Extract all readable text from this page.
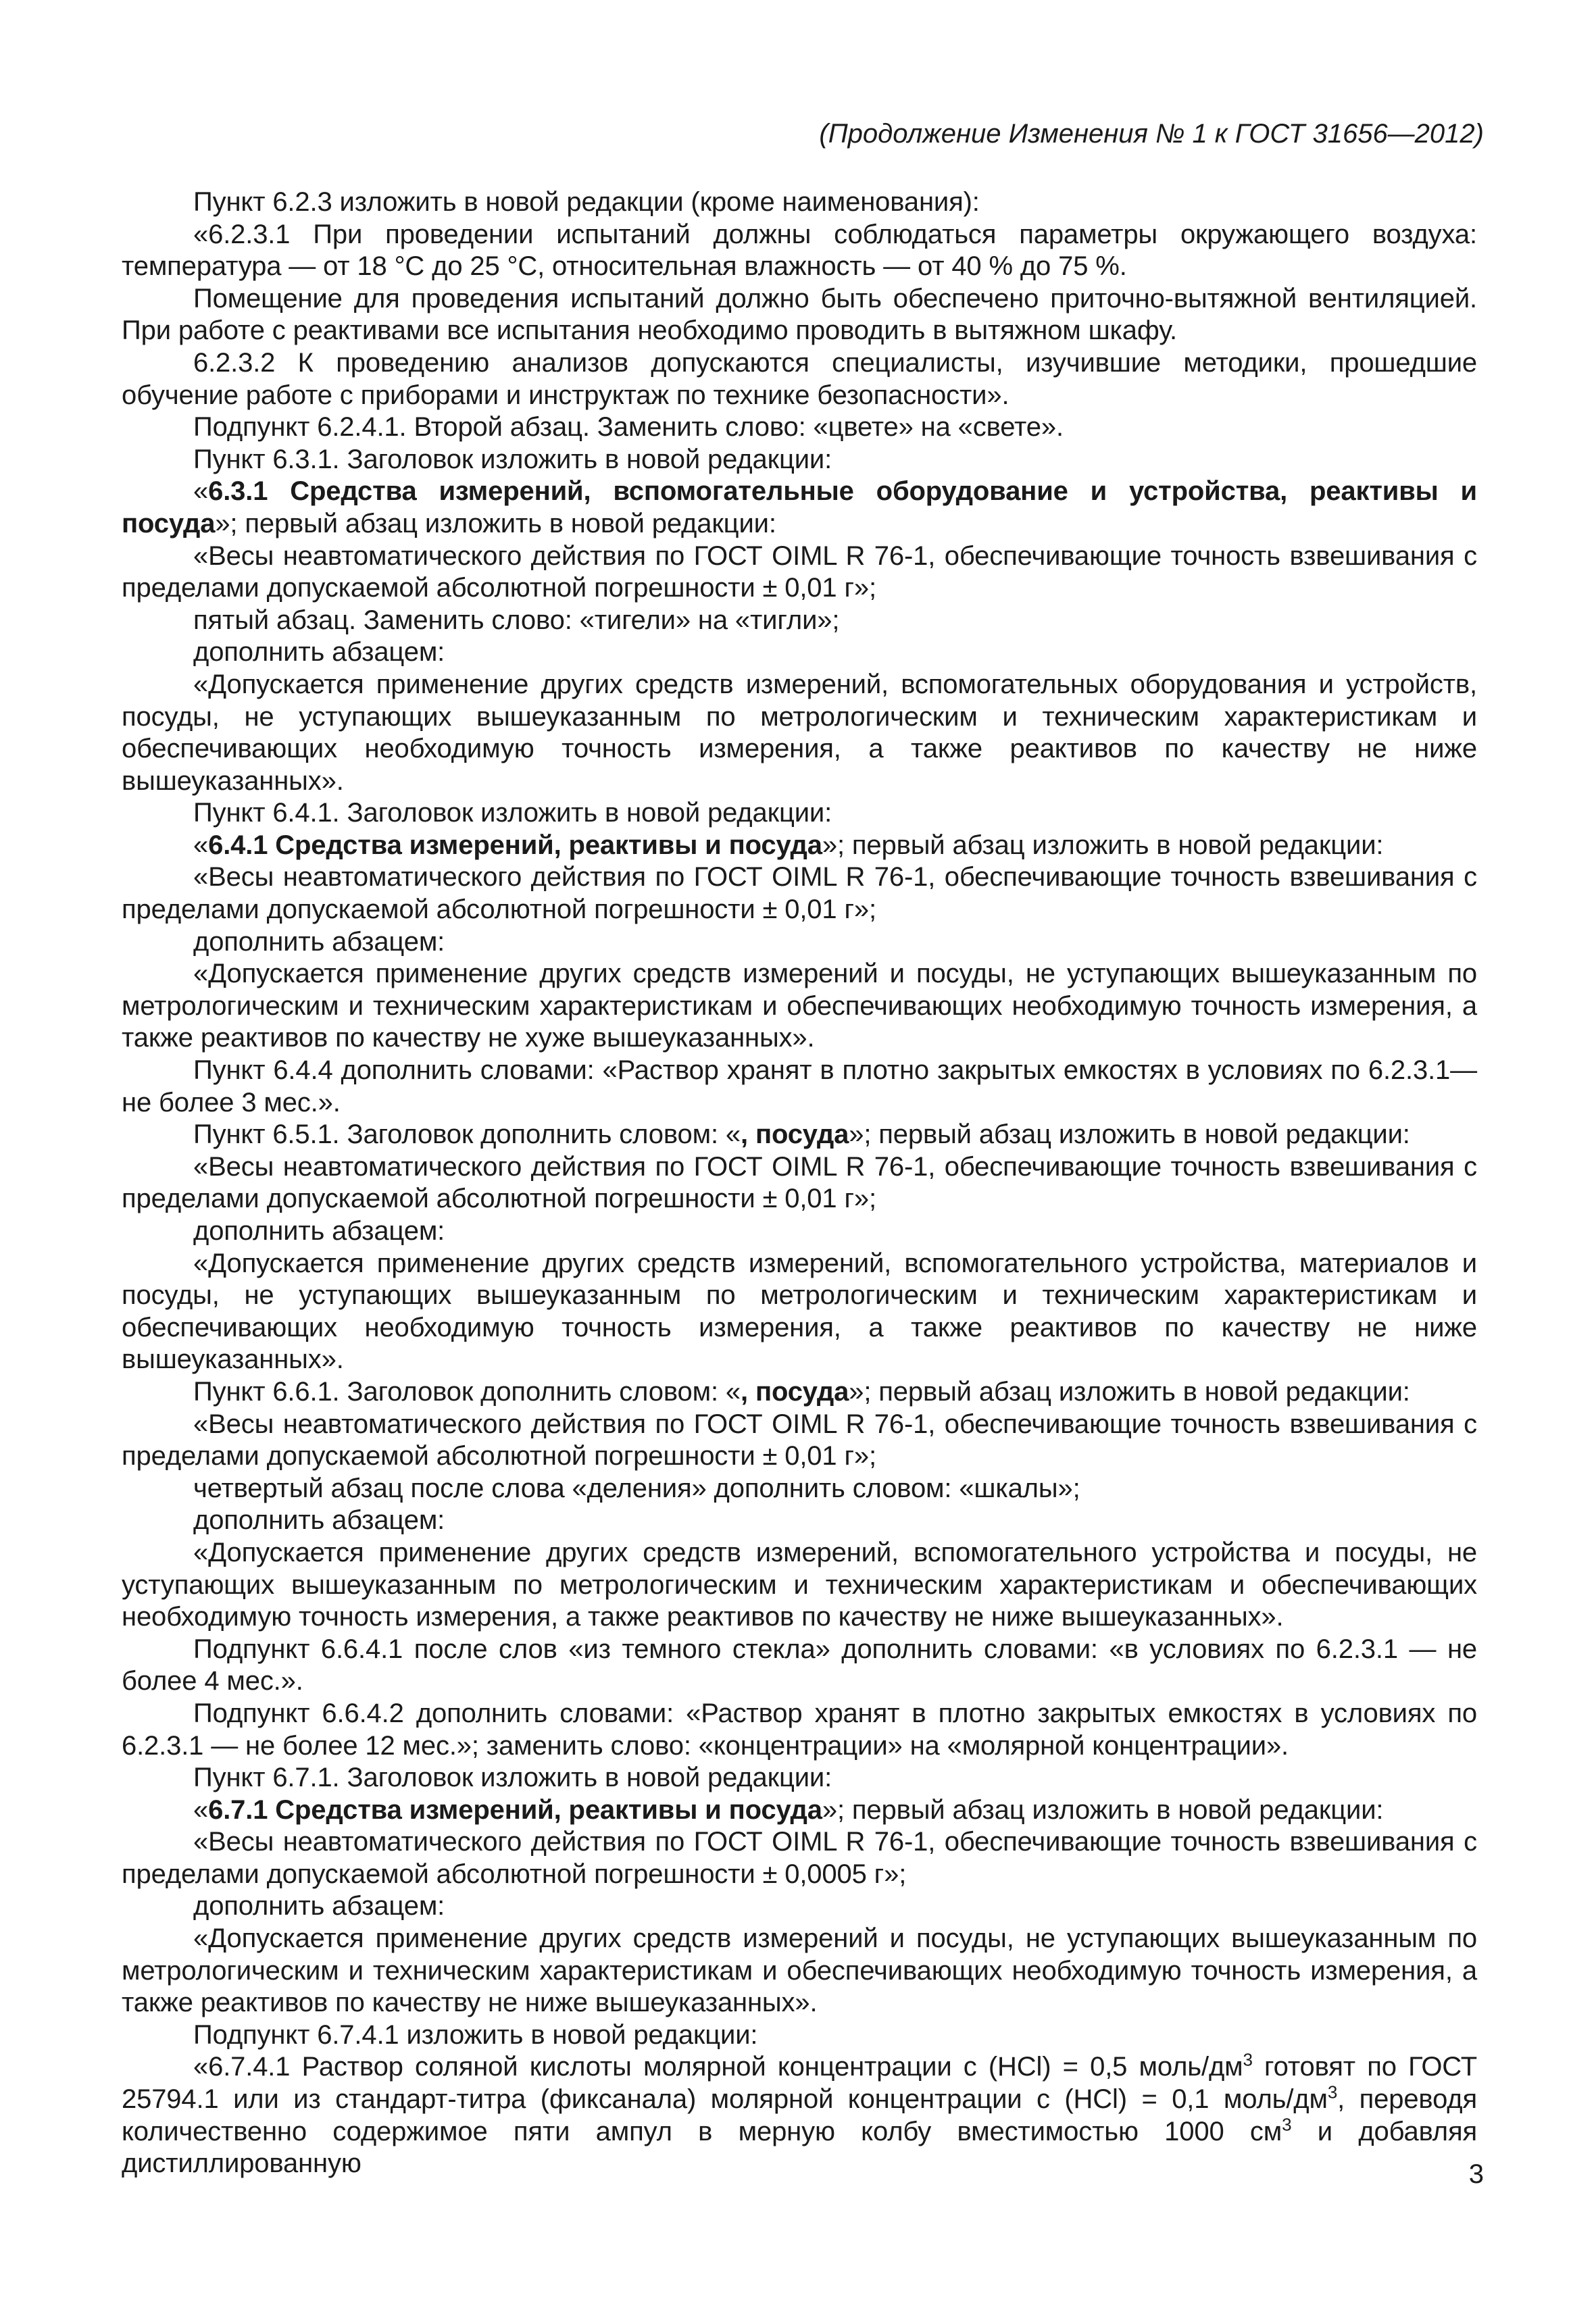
(Продолжение Изменения № 1 к ГОСТ 31656—2012)

Пункт 6.2.3 изложить в новой редакции (кроме наименования):

«6.2.3.1 При проведении испытаний должны соблюдаться параметры окружающего воздуха: температура — от 18 °С до 25 °С, относительная влажность — от 40 % до 75 %.

Помещение для проведения испытаний должно быть обеспечено приточно-вытяжной вентиляцией. При работе с реактивами все испытания необходимо проводить в вытяжном шкафу.

6.2.3.2 К проведению анализов допускаются специалисты, изучившие методики, прошедшие обучение работе с приборами и инструктаж по технике безопасности».

Подпункт 6.2.4.1. Второй абзац. Заменить слово: «цвете» на «свете».

Пункт 6.3.1. Заголовок изложить в новой редакции:

«6.3.1 Средства измерений, вспомогательные оборудование и устройства, реактивы и посуда»; первый абзац изложить в новой редакции:

«Весы неавтоматического действия по ГОСТ OIML R 76-1, обеспечивающие точность взвешивания с пределами допускаемой абсолютной погрешности ± 0,01 г»;

пятый абзац. Заменить слово: «тигели» на «тигли»;

дополнить абзацем:

«Допускается применение других средств измерений, вспомогательных оборудования и устройств, посуды, не уступающих вышеуказанным по метрологическим и техническим характеристикам и обеспечивающих необходимую точность измерения, а также реактивов по качеству не ниже вышеуказанных».

Пункт 6.4.1. Заголовок изложить в новой редакции:

«6.4.1 Средства измерений, реактивы и посуда»; первый абзац изложить в новой редакции:

«Весы неавтоматического действия по ГОСТ OIML R 76-1, обеспечивающие точность взвешивания с пределами допускаемой абсолютной погрешности ± 0,01 г»;

дополнить абзацем:

«Допускается применение других средств измерений и посуды, не уступающих вышеуказанным по метрологическим и техническим характеристикам и обеспечивающих необходимую точность измерения, а также реактивов по качеству не хуже вышеуказанных».

Пункт 6.4.4 дополнить словами: «Раствор хранят в плотно закрытых емкостях в условиях по 6.2.3.1— не более 3 мес.».

Пункт 6.5.1. Заголовок дополнить словом: «, посуда»; первый абзац изложить в новой редакции:

«Весы неавтоматического действия по ГОСТ OIML R 76-1, обеспечивающие точность взвешивания с пределами допускаемой абсолютной погрешности ± 0,01 г»;

дополнить абзацем:

«Допускается применение других средств измерений, вспомогательного устройства, материалов и посуды, не уступающих вышеуказанным по метрологическим и техническим характеристикам и обеспечивающих необходимую точность измерения, а также реактивов по качеству не ниже вышеуказанных».

Пункт 6.6.1. Заголовок дополнить словом: «, посуда»; первый абзац изложить в новой редакции:

«Весы неавтоматического действия по ГОСТ OIML R 76-1, обеспечивающие точность взвешивания с пределами допускаемой абсолютной погрешности ± 0,01 г»;

четвертый абзац после слова «деления» дополнить словом: «шкалы»;

дополнить абзацем:

«Допускается применение других средств измерений, вспомогательного устройства и посуды, не уступающих вышеуказанным по метрологическим и техническим характеристикам и обеспечивающих необходимую точность измерения, а также реактивов по качеству не ниже вышеуказанных».

Подпункт 6.6.4.1 после слов «из темного стекла» дополнить словами: «в условиях по 6.2.3.1 — не более 4 мес.».

Подпункт 6.6.4.2 дополнить словами: «Раствор хранят в плотно закрытых емкостях в условиях по 6.2.3.1 — не более 12 мес.»; заменить слово: «концентрации» на «молярной концентрации».

Пункт 6.7.1. Заголовок изложить в новой редакции:

«6.7.1 Средства измерений, реактивы и посуда»; первый абзац изложить в новой редакции:

«Весы неавтоматического действия по ГОСТ OIML R 76-1, обеспечивающие точность взвешивания с пределами допускаемой абсолютной погрешности ± 0,0005 г»;

дополнить абзацем:

«Допускается применение других средств измерений и посуды, не уступающих вышеуказанным по метрологическим и техническим характеристикам и обеспечивающих необходимую точность измерения, а также реактивов по качеству не ниже вышеуказанных».

Подпункт 6.7.4.1 изложить в новой редакции:

«6.7.4.1 Раствор соляной кислоты молярной концентрации с (HCl) = 0,5 моль/$дм^3$ готовят по ГОСТ 25794.1 или из стандарт-титра (фиксанала) молярной концентрации с (HCl) = 0,1 моль/$дм^3$, переводя количественно содержимое пяти ампул в мерную колбу вместимостью 1000 $см^3$ и добавляя дистиллированную	3
